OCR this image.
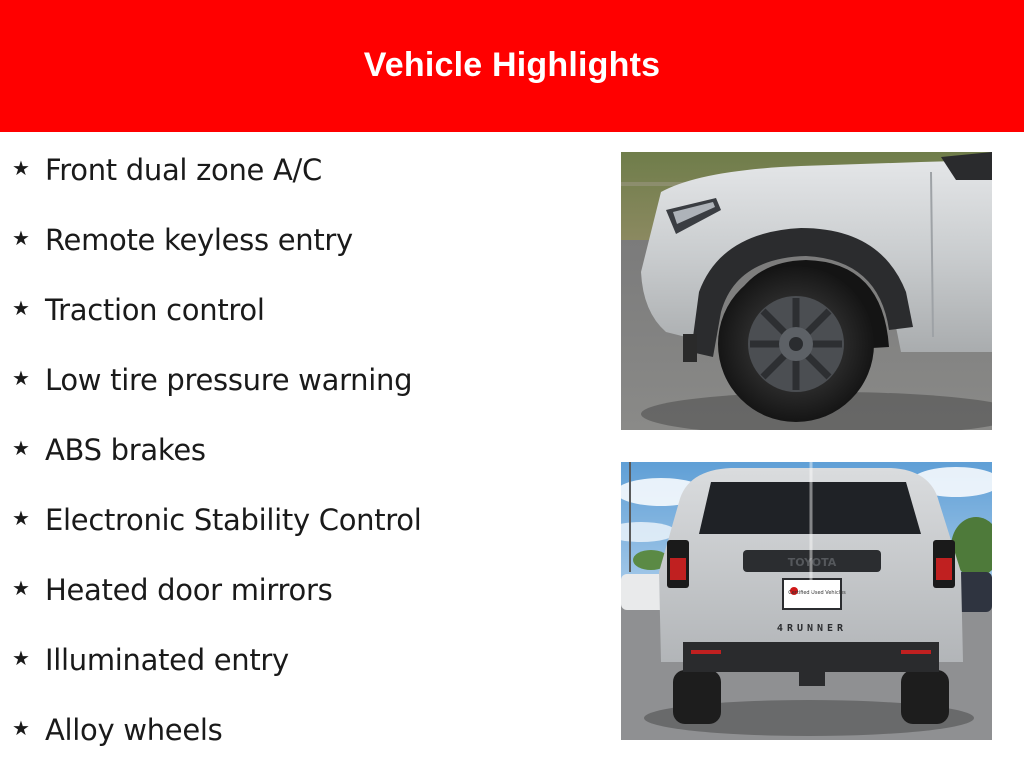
Vehicle Highlights
★ Front dual zone A/C
★ Remote keyless entry
★ Traction control
★ Low tire pressure warning
★ ABS brakes
★ Electronic Stability Control
★ Heated door mirrors
★ Illuminated entry
★ Alloy wheels
TOYOTA
Certified Used Vehicles
4RUNNER
